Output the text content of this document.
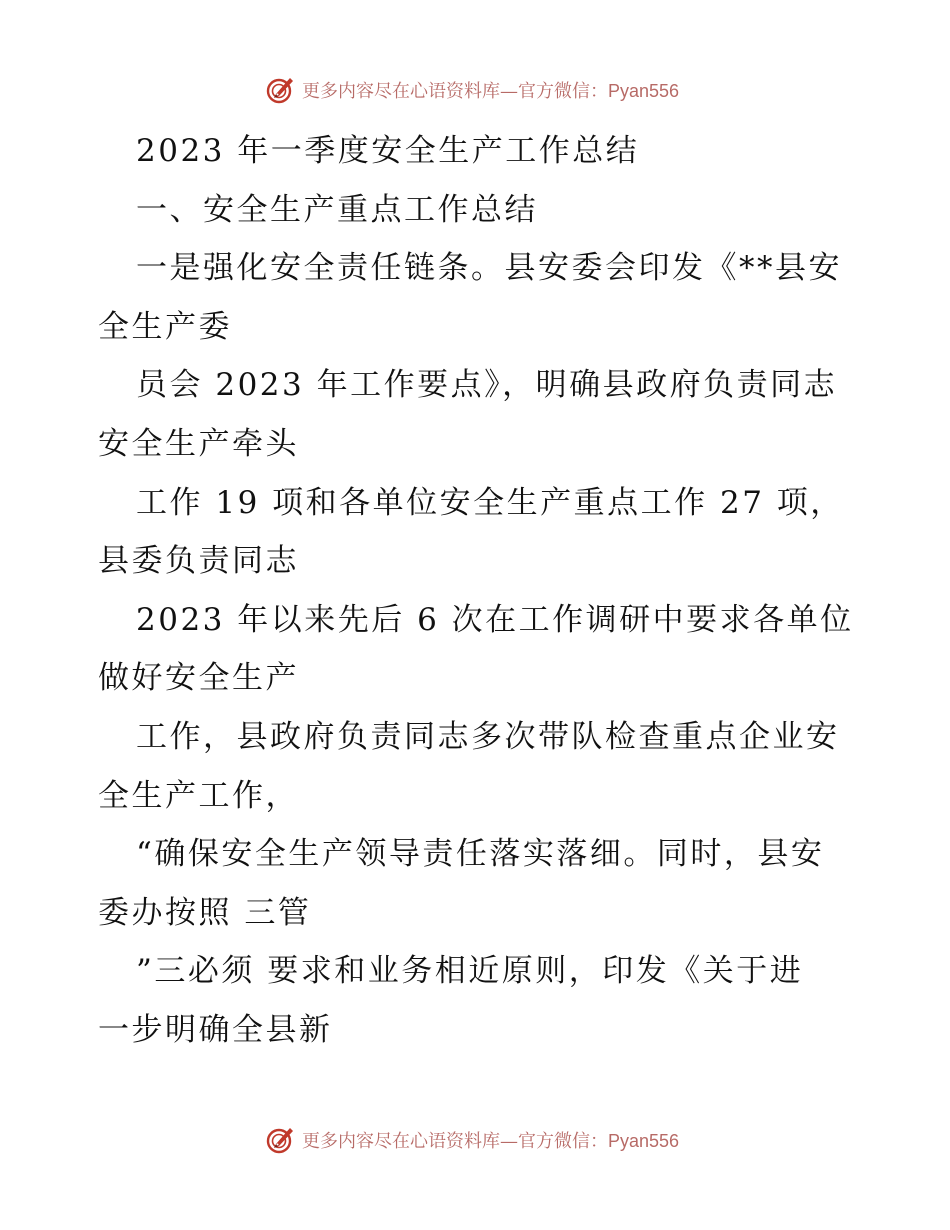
更多内容尽在心语资料库—官方微信：Pyan556
2023 年一季度安全生产工作总结
一、安全生产重点工作总结
一是强化安全责任链条。县安委会印发《**县安
全生产委
员会 2023 年工作要点》，明确县政府负责同志
安全生产牵头
工作 19 项和各单位安全生产重点工作 27 项，
县委负责同志
2023 年以来先后 6 次在工作调研中要求各单位
做好安全生产
工作，县政府负责同志多次带队检查重点企业安
全生产工作，
“确保安全生产领导责任落实落细。同时，县安
委办按照 三管
”三必须 要求和业务相近原则，印发《关于进
一步明确全县新
更多内容尽在心语资料库—官方微信：Pyan556
